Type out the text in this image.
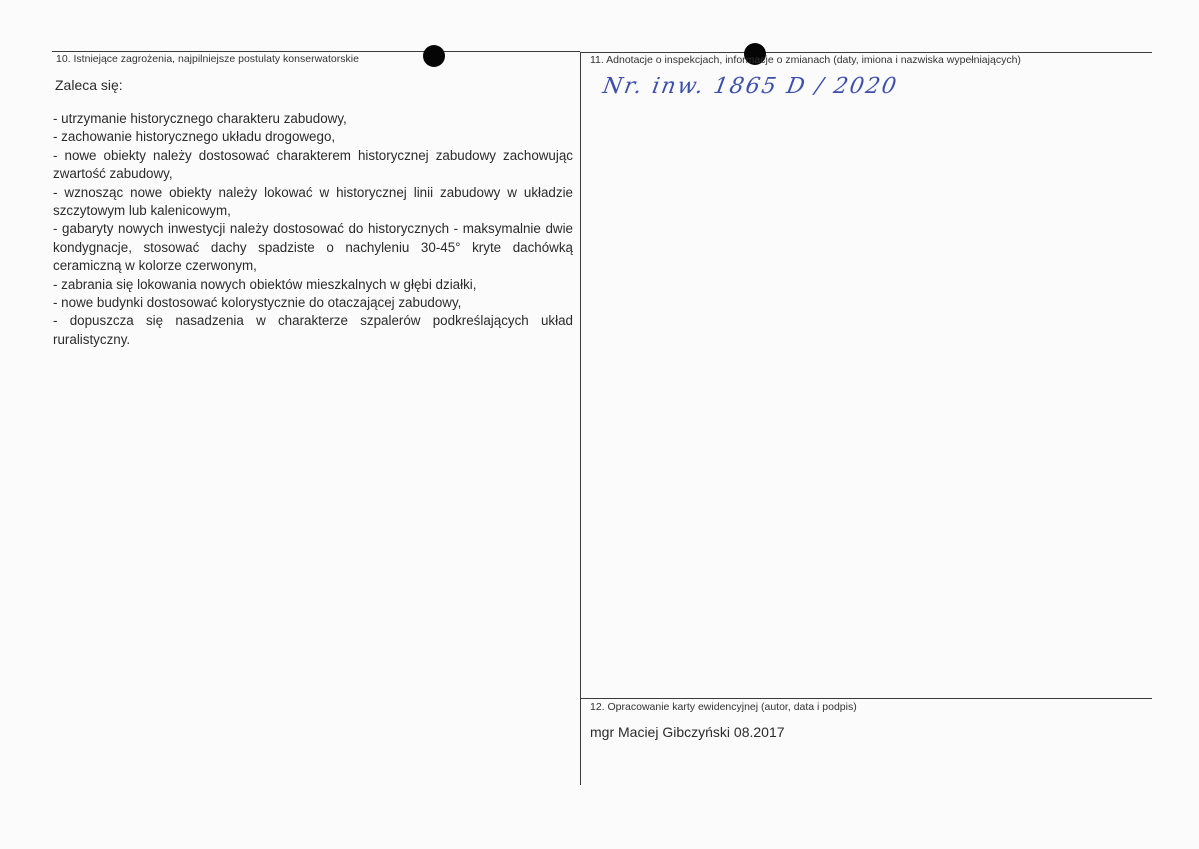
10. Istniejące zagrożenia, najpilniejsze postulaty konserwatorskie
Zaleca się:
- utrzymanie historycznego charakteru zabudowy,
- zachowanie historycznego układu drogowego,
- nowe obiekty należy dostosować charakterem historycznej zabudowy zachowując zwartość zabudowy,
- wznosząc nowe obiekty należy lokować w historycznej linii zabudowy w układzie szczytowym lub kalenicowym,
- gabaryty nowych inwestycji należy dostosować do historycznych - maksymalnie dwie kondygnacje, stosować dachy spadziste o nachyleniu 30-45° kryte dachówką ceramiczną w kolorze czerwonym,
- zabrania się lokowania nowych obiektów mieszkalnych w głębi działki,
- nowe budynki dostosować kolorystycznie do otaczającej zabudowy,
- dopuszcza się nasadzenia w charakterze szpalerów podkreślających układ ruralistyczny.
11. Adnotacje o inspekcjach, informacje o zmianach (daty, imiona i nazwiska wypełniających)
Nr. inw. 1865 D / 2020
12. Opracowanie karty ewidencyjnej (autor, data i podpis)
mgr Maciej Gibczyński 08.2017
